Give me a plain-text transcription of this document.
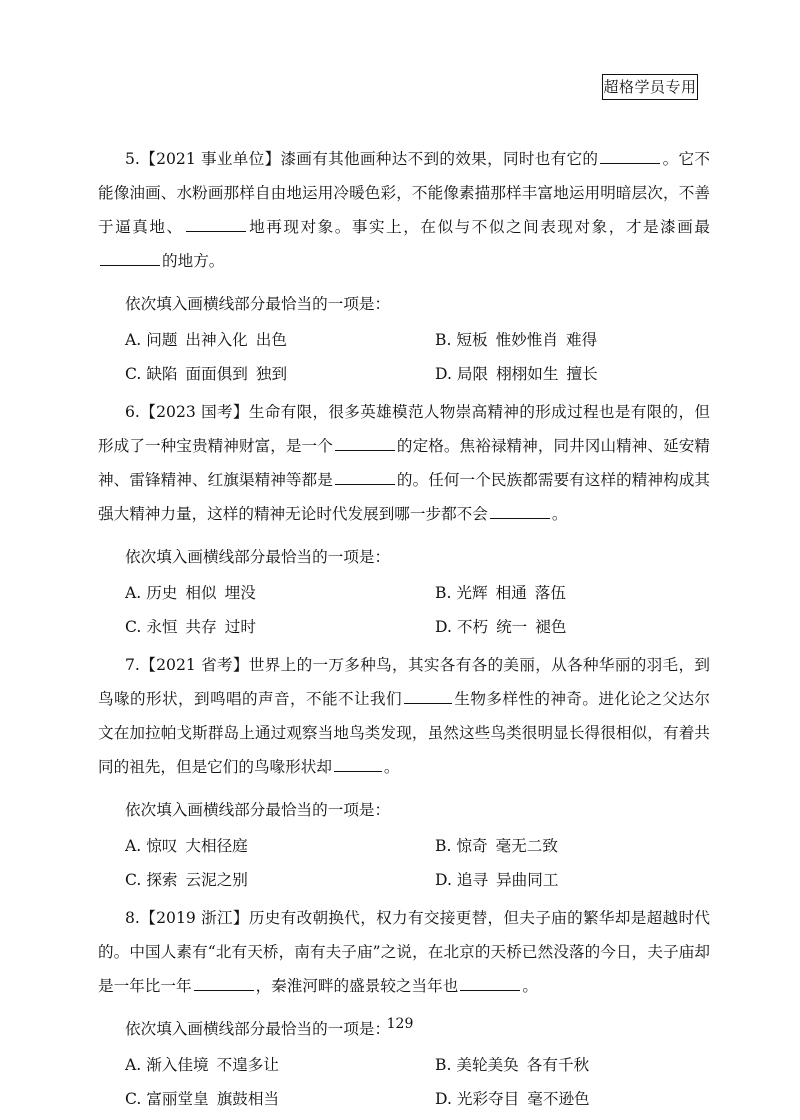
超格学员专用

5.【2021 事业单位】漆画有其他画种达不到的效果，同时也有它的	。它不能像油画、水粉画那样自由地运用冷暖色彩，不能像素描那样丰富地运用明暗层次，不善于逼真地、	地再现对象。事实上，在似与不似之间表现对象，才是漆画最的地方。

依次填入画横线部分最恰当的一项是：

A. 问题 出神入化 出色	B. 短板 惟妙惟肖 难得
C. 缺陷 面面俱到 独到	D. 局限 栩栩如生 擅长

6.【2023 国考】生命有限，很多英雄模范人物崇高精神的形成过程也是有限的，但形成了一种宝贵精神财富，是一个	的定格。焦裕禄精神，同井冈山精神、延安精神、雷锋精神、红旗渠精神等都是	的。任何一个民族都需要有这样的精神构成其强大精神力量，这样的精神无论时代发展到哪一步都不会	。

依次填入画横线部分最恰当的一项是：

A. 历史 相似 埋没	B. 光辉 相通 落伍
C. 永恒 共存 过时	D. 不朽 统一 褪色

7.【2021 省考】世界上的一万多种鸟，其实各有各的美丽，从各种华丽的羽毛，到鸟喙的形状，到鸣唱的声音，不能不让我们	生物多样性的神奇。进化论之父达尔文在加拉帕戈斯群岛上通过观察当地鸟类发现，虽然这些鸟类很明显长得很相似，有着共同的祖先，但是它们的鸟喙形状却	。

依次填入画横线部分最恰当的一项是：

A. 惊叹 大相径庭	B. 惊奇 毫无二致
C. 探索 云泥之别	D. 追寻 异曲同工

8.【2019 浙江】历史有改朝换代，权力有交接更替，但夫子庙的繁华却是超越时代的。中国人素有“北有天桥，南有夫子庙”之说，在北京的天桥已然没落的今日，夫子庙却是一年比一年	，秦淮河畔的盛景较之当年也	。

依次填入画横线部分最恰当的一项是：

A. 渐入佳境 不遑多让	B. 美轮美奂 各有千秋
C. 富丽堂皇 旗鼓相当	D. 光彩夺目 毫不逊色
129
